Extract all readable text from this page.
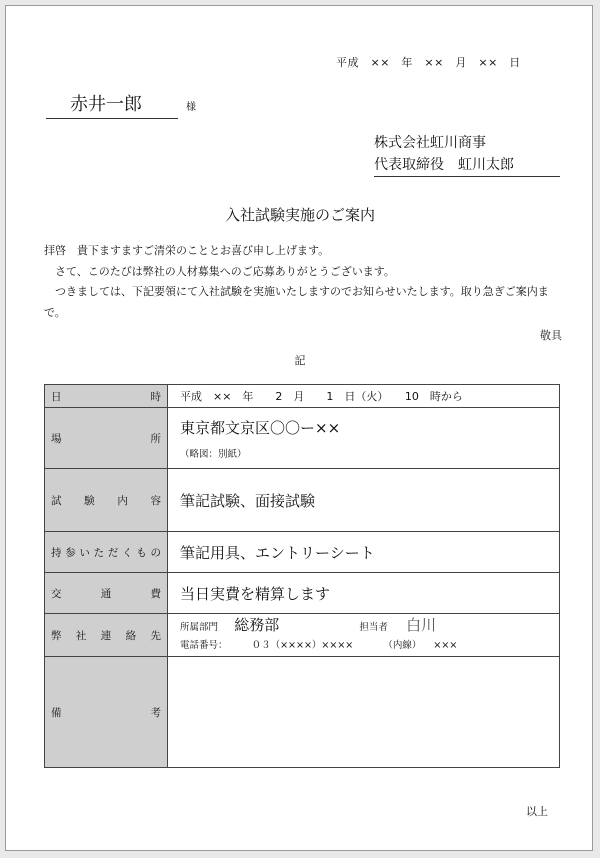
平成　××　年　××　月　××　日
赤井一郎	様
株式会社虹川商事
代表取締役　虹川太郎
入社試験実施のご案内

拝啓　貴下ますますご清栄のこととお喜び申し上げます。

　さて、このたびは弊社の人材募集へのご応募ありがとうございます。

　つきましては、下記要領にて入社試験を実施いたしますのでお知らせいたします。取り急ぎご案内まで。

敬具
記
日時	平成　××　年　　2　月　　1　日（火）　　10　時から
場所	東京都文京区〇〇ー××
（略図：別紙）

試験内容	筆記試験、面接試験
持参いただくもの	筆記用具、エントリーシート
交通費	当日実費を精算します
弊社連絡先	所属部門 総務部 担当者 白川
電話番号： ０３（××××）×××× （内線） ×××

備考	
以上
